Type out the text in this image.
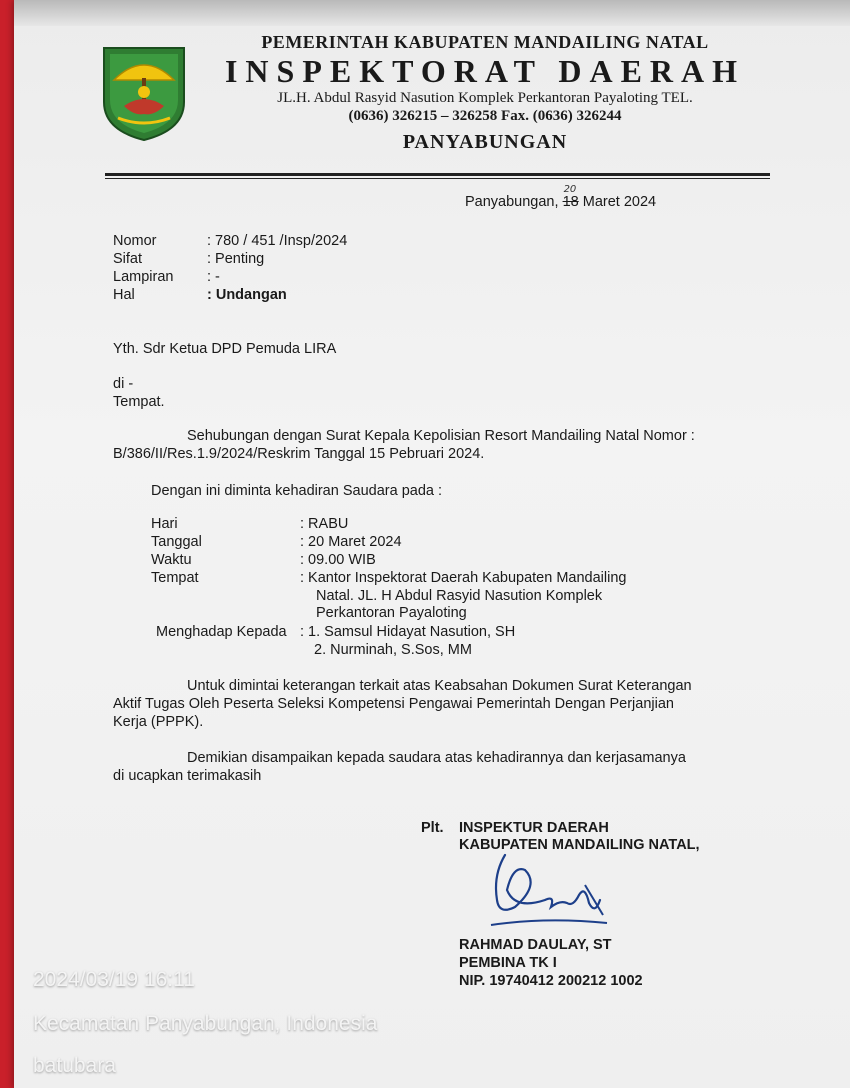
PEMERINTAH KABUPATEN MANDAILING NATAL
INSPEKTORAT DAERAH
JL.H. Abdul Rasyid Nasution Komplek Perkantoran Payaloting TEL.
(0636) 326215 – 326258 Fax. (0636) 326244
PANYABUNGAN
Panyabungan, 18
20
Maret 2024
Nomor	: 780 / 451 /Insp/2024
Sifat	: Penting
Lampiran : -
Hal	: Undangan
Yth. Sdr Ketua DPD Pemuda LIRA
di -
Tempat.
Sehubungan dengan Surat Kepala Kepolisian Resort Mandailing Natal Nomor :
B/386/II/Res.1.9/2024/Reskrim Tanggal 15 Pebruari 2024.
Dengan ini diminta kehadiran Saudara pada :
Hari	: RABU
Tanggal	: 20 Maret 2024
Waktu	: 09.00 WIB
Tempat	: Kantor Inspektorat Daerah Kabupaten Mandailing
Natal. JL. H Abdul Rasyid Nasution Komplek
Perkantoran Payaloting
Menghadap Kepada : 1. Samsul Hidayat Nasution, SH
2. Nurminah, S.Sos, MM
Untuk dimintai keterangan terkait atas Keabsahan Dokumen Surat Keterangan
Aktif Tugas Oleh Peserta Seleksi Kompetensi Pengawai Pemerintah Dengan Perjanjian
Kerja (PPPK).
Demikian disampaikan kepada saudara atas kehadirannya dan kerjasamanya
di ucapkan terimakasih
Plt. INSPEKTUR DAERAH
KABUPATEN MANDAILING NATAL,
RAHMAD DAULAY, ST
PEMBINA TK I
NIP. 19740412 200212 1002
2024/03/19 16:11
Kecamatan Panyabungan, Indonesia
batubara
